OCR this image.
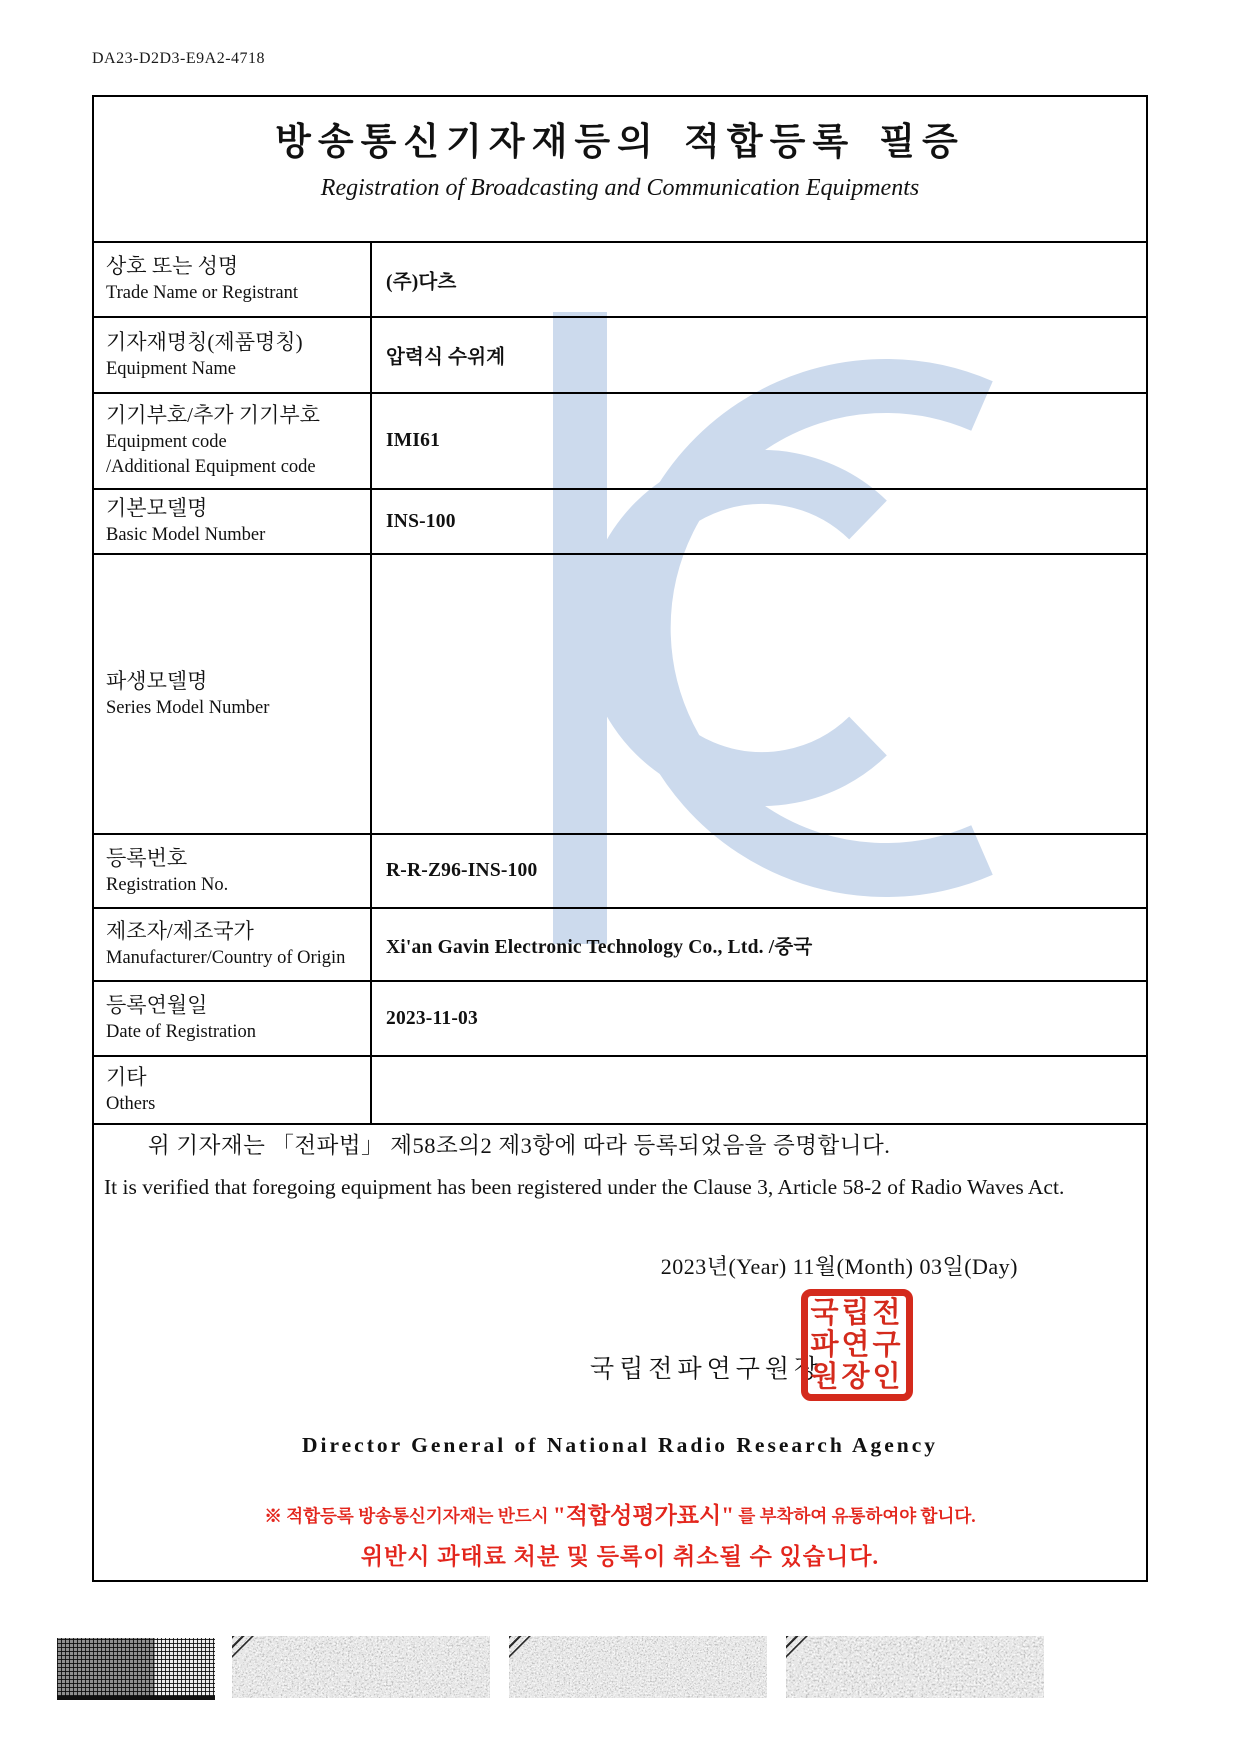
DA23-D2D3-E9A2-4718
방송통신기자재등의 적합등록 필증
Registration of Broadcasting and Communication Equipments
상호 또는 성명
Trade Name or Registrant
(주)다츠
기자재명칭(제품명칭)
Equipment Name
압력식 수위계
기기부호/추가 기기부호
Equipment code
/Additional Equipment code
IMI61
기본모델명
Basic Model Number
INS-100
파생모델명
Series Model Number
등록번호
Registration No.
R-R-Z96-INS-100
제조자/제조국가
Manufacturer/Country of Origin
Xi'an Gavin Electronic Technology Co., Ltd. /중국
등록연월일
Date of Registration
2023-11-03
기타
Others

위 기자재는 「전파법」 제58조의2 제3항에 따라 등록되었음을 증명합니다.

It is verified that foregoing equipment has been registered under the Clause 3, Article 58-2 of Radio Waves Act.

2023년(Year) 11월(Month) 03일(Day)
국립전파연구원장
국립전
파연구
원장인
Director General of National Radio Research Agency
※ 적합등록 방송통신기자재는 반드시 "적합성평가표시" 를 부착하여 유통하여야 합니다.
위반시 과태료 처분 및 등록이 취소될 수 있습니다.
